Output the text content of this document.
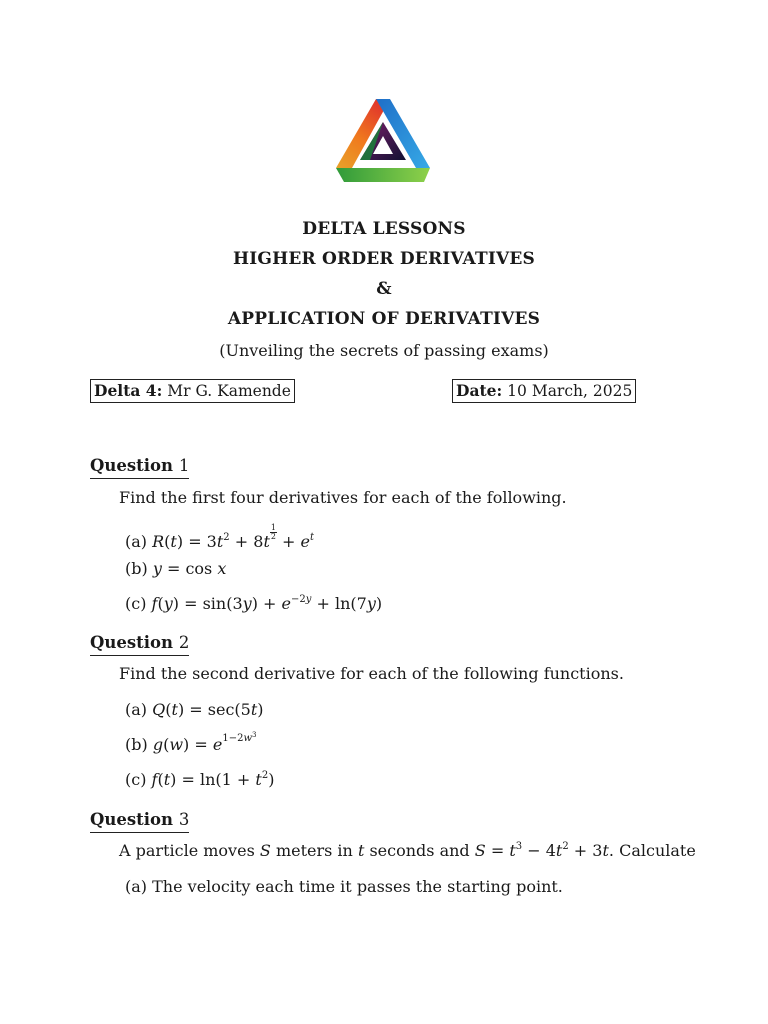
DELTA LESSONS
HIGHER ORDER DERIVATIVES
&
APPLICATION OF DERIVATIVES
(Unveiling the secrets of passing exams)
Delta 4: Mr G. Kamende	Date: 10 March, 2025
Question 1
Find the first four derivatives for each of the following.
(a) $R(t) = 3t^2 + 8t \frac{1}{2} + e^t$
(b) y = cos x
(c) $f(y) = \sin(3y) + e^{-2y} + \ln(7y)$
Question 2
Find the second derivative for each of the following functions.
(a) Q(t) = sec(5t)
(b) $g(w) = e^{1-2w^3}$
(c) $f(t) = \ln(1 + t^2)$
Question 3
A particle moves S meters in t seconds and $S = t^3 - 4t^2 + 3t$. Calculate
(a) The velocity each time it passes the starting point.
